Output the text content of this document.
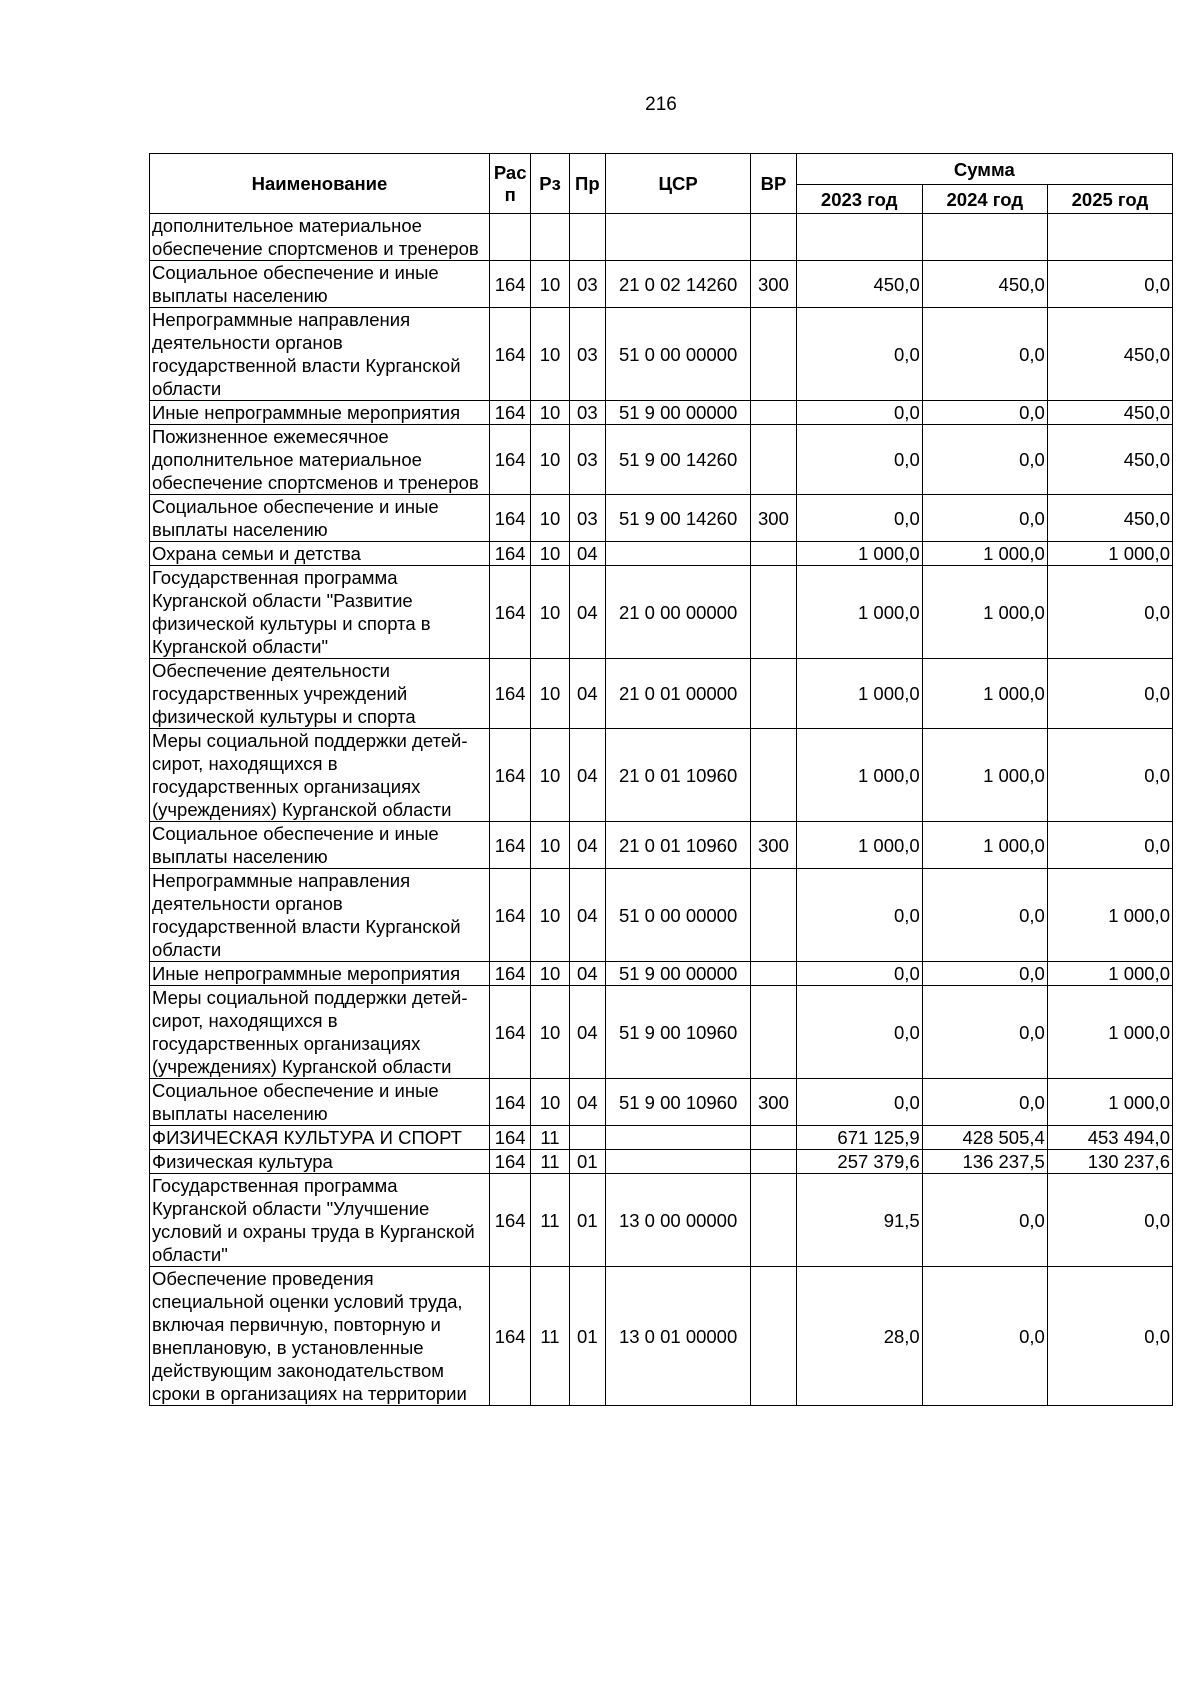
216
Наименование	Рас п	Рз	Пр	ЦСР	ВР	Сумма		
						2023 год	2024 год	2025 год
дополнительное материальное обеспечение спортсменов и тренеров								
Социальное обеспечение и иные выплаты населению	164	10	03	21 0 02 14260	300	450,0	450,0	0,0
Непрограммные направления деятельности органов государственной власти Курганской области	164	10	03	51 0 00 00000		0,0	0,0	450,0
Иные непрограммные мероприятия	164	10	03	51 9 00 00000		0,0	0,0	450,0
Пожизненное ежемесячное дополнительное материальное обеспечение спортсменов и тренеров	164	10	03	51 9 00 14260		0,0	0,0	450,0
Социальное обеспечение и иные выплаты населению	164	10	03	51 9 00 14260	300	0,0	0,0	450,0
Охрана семьи и детства	164	10	04			1 000,0	1 000,0	1 000,0
Государственная программа Курганской области "Развитие физической культуры и спорта в Курганской области"	164	10	04	21 0 00 00000		1 000,0	1 000,0	0,0
Обеспечение деятельности государственных учреждений физической культуры и спорта	164	10	04	21 0 01 00000		1 000,0	1 000,0	0,0
Меры социальной поддержки детей-сирот, находящихся в государственных организациях (учреждениях) Курганской области	164	10	04	21 0 01 10960		1 000,0	1 000,0	0,0
Социальное обеспечение и иные выплаты населению	164	10	04	21 0 01 10960	300	1 000,0	1 000,0	0,0
Непрограммные направления деятельности органов государственной власти Курганской области	164	10	04	51 0 00 00000		0,0	0,0	1 000,0
Иные непрограммные мероприятия	164	10	04	51 9 00 00000		0,0	0,0	1 000,0
Меры социальной поддержки детей-сирот, находящихся в государственных организациях (учреждениях) Курганской области	164	10	04	51 9 00 10960		0,0	0,0	1 000,0
Социальное обеспечение и иные выплаты населению	164	10	04	51 9 00 10960	300	0,0	0,0	1 000,0
ФИЗИЧЕСКАЯ КУЛЬТУРА И СПОРТ	164	11				671 125,9	428 505,4	453 494,0
Физическая культура	164	11	01			257 379,6	136 237,5	130 237,6
Государственная программа Курганской области "Улучшение условий и охраны труда в Курганской области"	164	11	01	13 0 00 00000		91,5	0,0	0,0
Обеспечение проведения специальной оценки условий труда, включая первичную, повторную и внеплановую, в установленные действующим законодательством сроки в организациях на территории	164	11	01	13 0 01 00000		28,0	0,0	0,0
